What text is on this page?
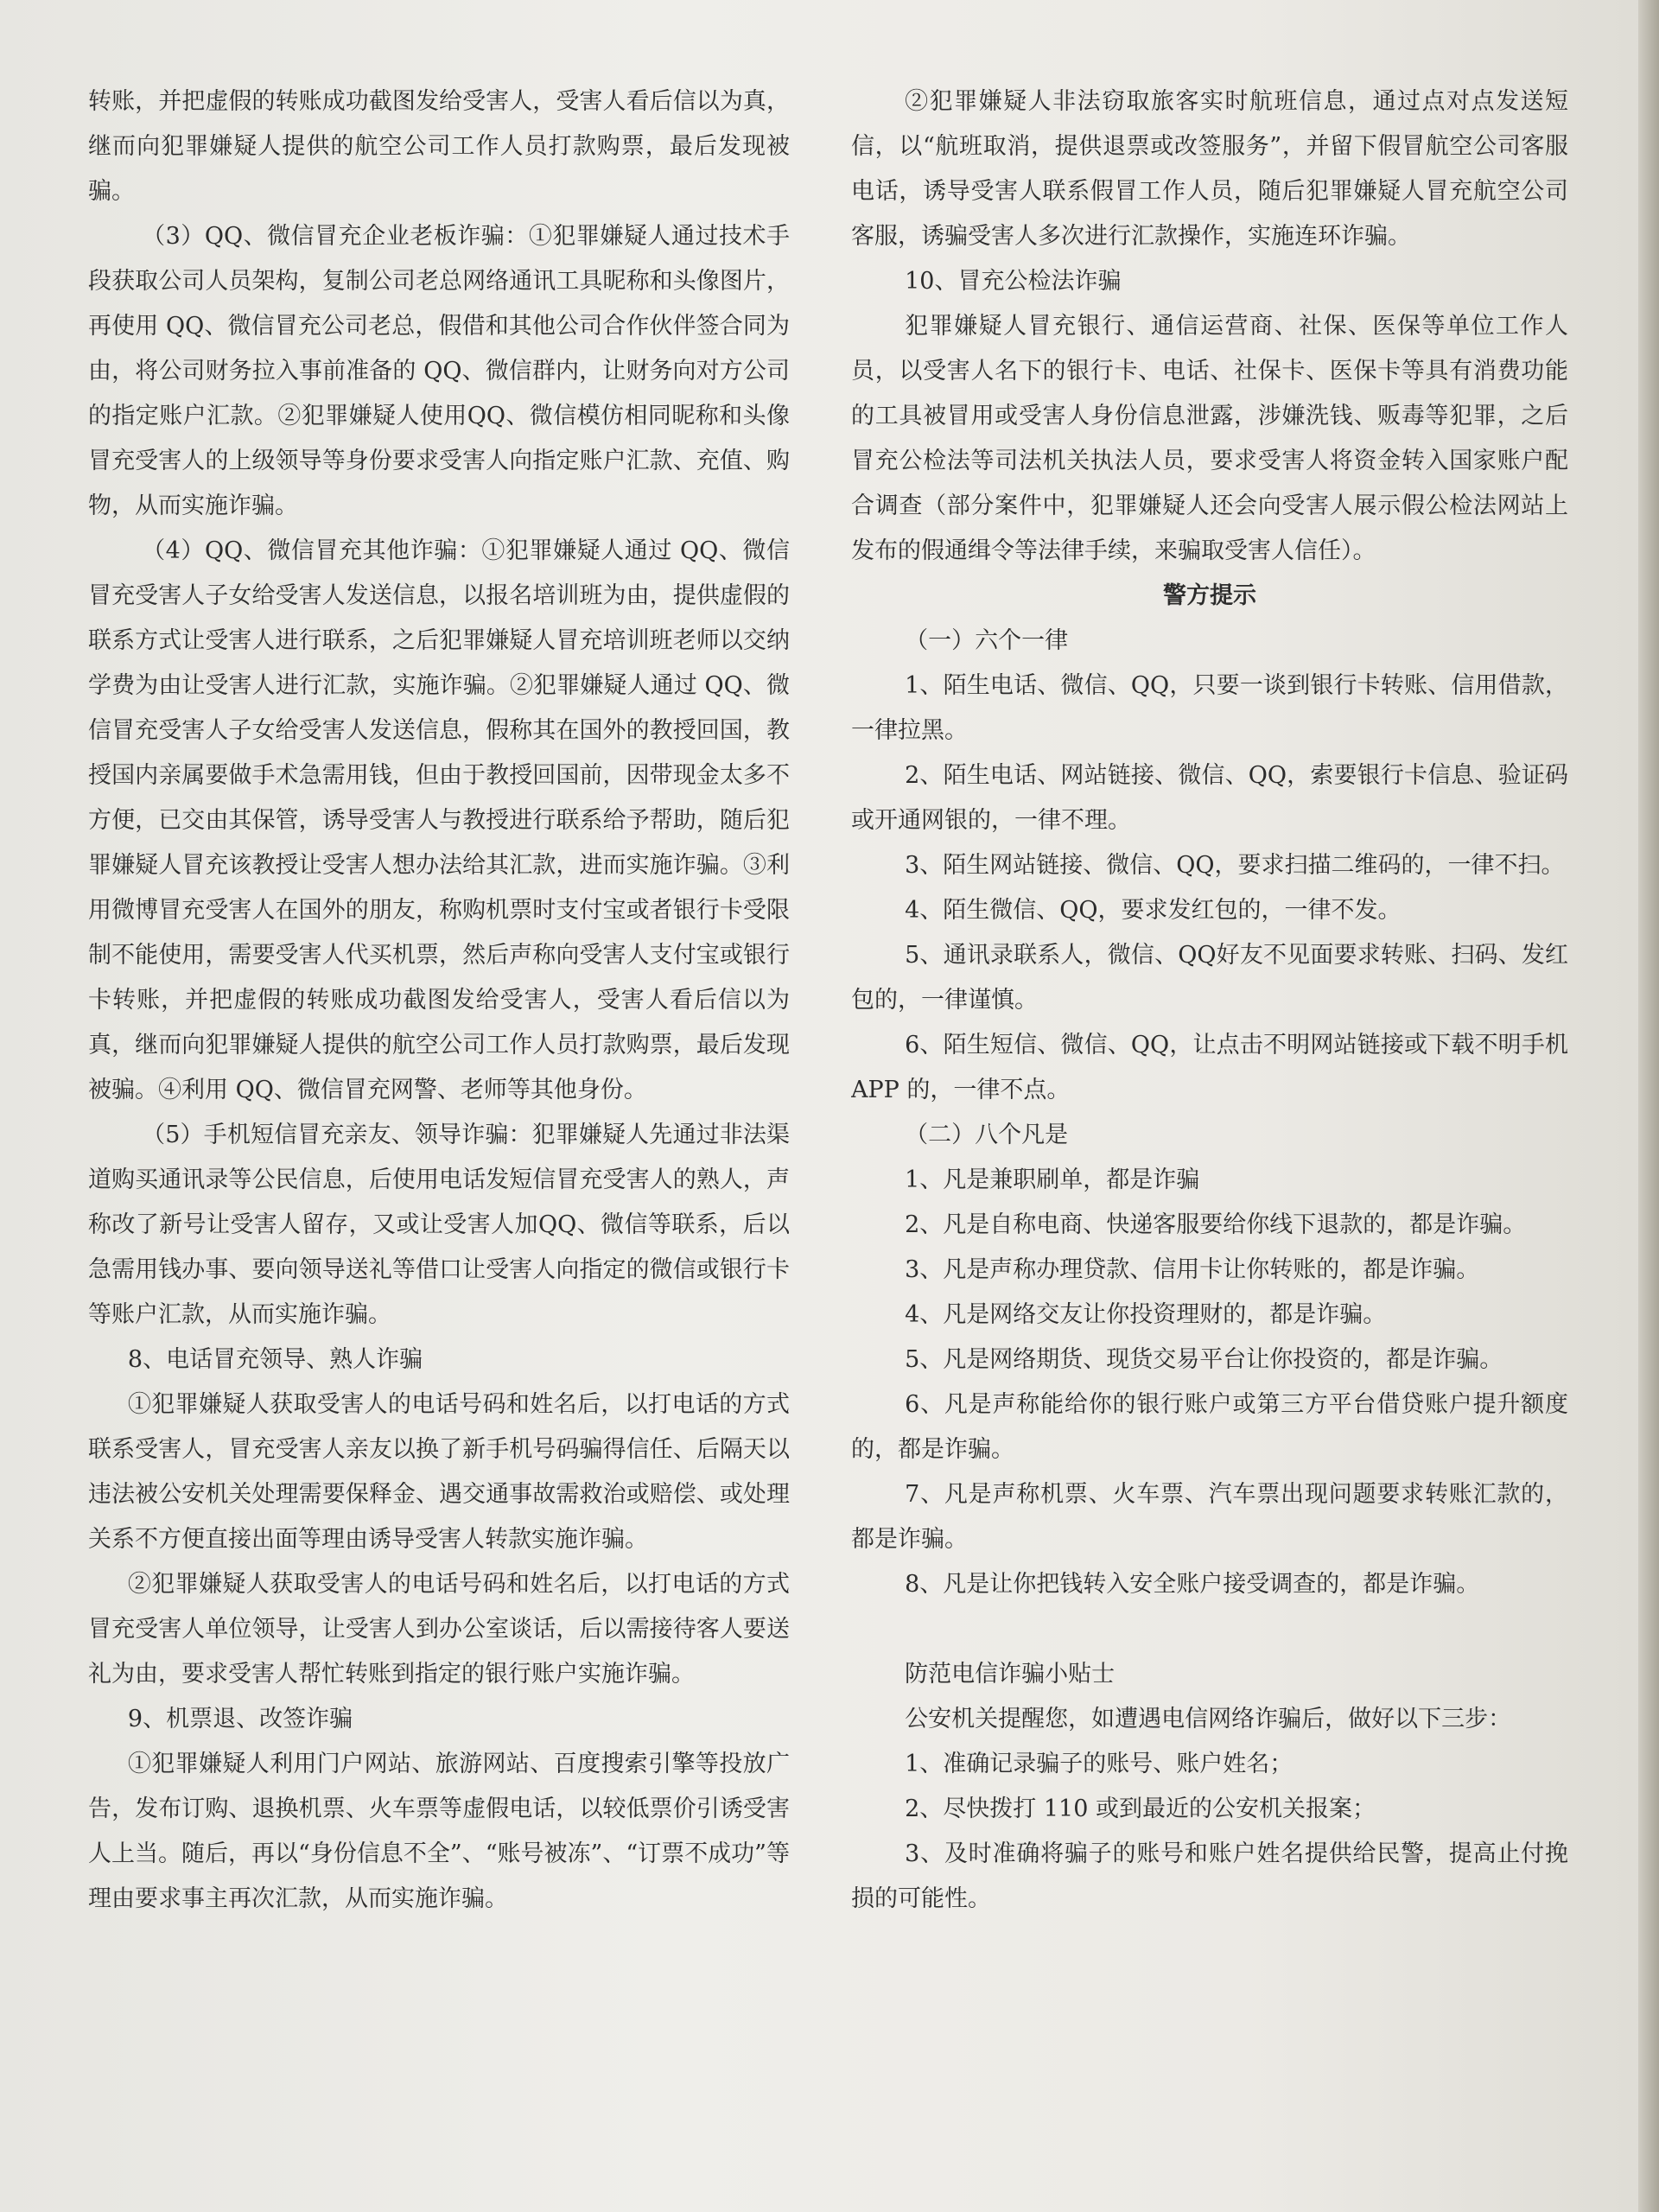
转账，并把虚假的转账成功截图发给受害人，受害人看后信以为真，继而向犯罪嫌疑人提供的航空公司工作人员打款购票，最后发现被骗。

（3）QQ、微信冒充企业老板诈骗：①犯罪嫌疑人通过技术手段获取公司人员架构，复制公司老总网络通讯工具昵称和头像图片，再使用 QQ、微信冒充公司老总，假借和其他公司合作伙伴签合同为由，将公司财务拉入事前准备的 QQ、微信群内，让财务向对方公司的指定账户汇款。②犯罪嫌疑人使用QQ、微信模仿相同昵称和头像冒充受害人的上级领导等身份要求受害人向指定账户汇款、充值、购物，从而实施诈骗。

（4）QQ、微信冒充其他诈骗：①犯罪嫌疑人通过 QQ、微信冒充受害人子女给受害人发送信息，以报名培训班为由，提供虚假的联系方式让受害人进行联系，之后犯罪嫌疑人冒充培训班老师以交纳学费为由让受害人进行汇款，实施诈骗。②犯罪嫌疑人通过 QQ、微信冒充受害人子女给受害人发送信息，假称其在国外的教授回国，教授国内亲属要做手术急需用钱，但由于教授回国前，因带现金太多不方便，已交由其保管，诱导受害人与教授进行联系给予帮助，随后犯罪嫌疑人冒充该教授让受害人想办法给其汇款，进而实施诈骗。③利用微博冒充受害人在国外的朋友，称购机票时支付宝或者银行卡受限制不能使用，需要受害人代买机票，然后声称向受害人支付宝或银行卡转账，并把虚假的转账成功截图发给受害人，受害人看后信以为真，继而向犯罪嫌疑人提供的航空公司工作人员打款购票，最后发现被骗。④利用 QQ、微信冒充网警、老师等其他身份。

（5）手机短信冒充亲友、领导诈骗：犯罪嫌疑人先通过非法渠道购买通讯录等公民信息，后使用电话发短信冒充受害人的熟人，声称改了新号让受害人留存，又或让受害人加QQ、微信等联系，后以急需用钱办事、要向领导送礼等借口让受害人向指定的微信或银行卡等账户汇款，从而实施诈骗。

8、电话冒充领导、熟人诈骗

①犯罪嫌疑人获取受害人的电话号码和姓名后，以打电话的方式联系受害人，冒充受害人亲友以换了新手机号码骗得信任、后隔天以违法被公安机关处理需要保释金、遇交通事故需救治或赔偿、或处理关系不方便直接出面等理由诱导受害人转款实施诈骗。

②犯罪嫌疑人获取受害人的电话号码和姓名后，以打电话的方式冒充受害人单位领导，让受害人到办公室谈话，后以需接待客人要送礼为由，要求受害人帮忙转账到指定的银行账户实施诈骗。

9、机票退、改签诈骗

①犯罪嫌疑人利用门户网站、旅游网站、百度搜索引擎等投放广告，发布订购、退换机票、火车票等虚假电话，以较低票价引诱受害人上当。随后，再以“身份信息不全”、“账号被冻”、“订票不成功”等理由要求事主再次汇款，从而实施诈骗。

②犯罪嫌疑人非法窃取旅客实时航班信息，通过点对点发送短信，以“航班取消，提供退票或改签服务”，并留下假冒航空公司客服电话，诱导受害人联系假冒工作人员，随后犯罪嫌疑人冒充航空公司客服，诱骗受害人多次进行汇款操作，实施连环诈骗。

10、冒充公检法诈骗

犯罪嫌疑人冒充银行、通信运营商、社保、医保等单位工作人员，以受害人名下的银行卡、电话、社保卡、医保卡等具有消费功能的工具被冒用或受害人身份信息泄露，涉嫌洗钱、贩毒等犯罪，之后冒充公检法等司法机关执法人员，要求受害人将资金转入国家账户配合调查（部分案件中，犯罪嫌疑人还会向受害人展示假公检法网站上发布的假通缉令等法律手续，来骗取受害人信任）。

警方提示

（一）六个一律

1、陌生电话、微信、QQ，只要一谈到银行卡转账、信用借款，一律拉黑。

2、陌生电话、网站链接、微信、QQ，索要银行卡信息、验证码或开通网银的，一律不理。

3、陌生网站链接、微信、QQ，要求扫描二维码的，一律不扫。

4、陌生微信、QQ，要求发红包的，一律不发。

5、通讯录联系人，微信、QQ好友不见面要求转账、扫码、发红包的，一律谨慎。

6、陌生短信、微信、QQ，让点击不明网站链接或下载不明手机 APP 的，一律不点。

（二）八个凡是

1、凡是兼职刷单，都是诈骗

2、凡是自称电商、快递客服要给你线下退款的，都是诈骗。

3、凡是声称办理贷款、信用卡让你转账的，都是诈骗。

4、凡是网络交友让你投资理财的，都是诈骗。

5、凡是网络期货、现货交易平台让你投资的，都是诈骗。

6、凡是声称能给你的银行账户或第三方平台借贷账户提升额度的，都是诈骗。

7、凡是声称机票、火车票、汽车票出现问题要求转账汇款的，都是诈骗。

8、凡是让你把钱转入安全账户接受调查的，都是诈骗。

防范电信诈骗小贴士

公安机关提醒您，如遭遇电信网络诈骗后，做好以下三步：

1、准确记录骗子的账号、账户姓名；

2、尽快拨打 110 或到最近的公安机关报案；

3、及时准确将骗子的账号和账户姓名提供给民警，提高止付挽损的可能性。
